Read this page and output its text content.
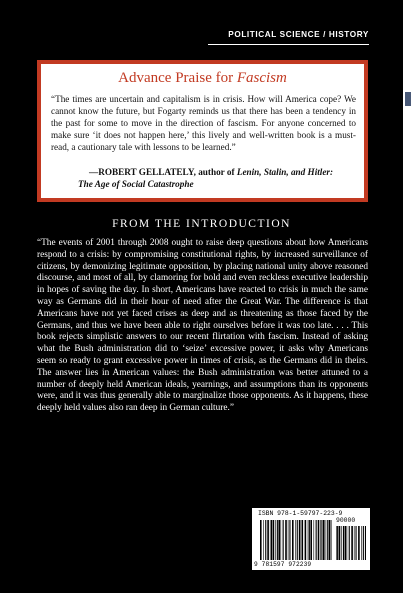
POLITICAL SCIENCE / HISTORY
Advance Praise for Fascism
“The times are uncertain and capitalism is in crisis. How will America cope? We cannot know the future, but Fogarty reminds us that there has been a tendency in the past for some to move in the direction of fascism. For anyone concerned to make sure ‘it does not happen here,’ this lively and well-written book is a must-read, a cautionary tale with lessons to be learned.”
—ROBERT GELLATELY, author of Lenin, Stalin, and Hitler:
The Age of Social Catastrophe
FROM THE INTRODUCTION
“The events of 2001 through 2008 ought to raise deep questions about how Americans respond to a crisis: by compromising constitutional rights, by increased surveillance of citizens, by demonizing legitimate opposition, by placing national unity above reasoned discourse, and most of all, by clamoring for bold and even reckless executive leadership in hopes of saving the day. In short, Americans have reacted to crisis in much the same way as Germans did in their hour of need after the Great War. The difference is that Americans have not yet faced crises as deep and as threatening as those faced by the Germans, and thus we have been able to right ourselves before it was too late. . . . This book rejects simplistic answers to our recent flirtation with fascism. Instead of asking what the Bush administration did to ‘seize’ excessive power, it asks why Americans seem so ready to grant excessive power in times of crisis, as the Germans did in theirs. The answer lies in American values: the Bush administration was better attuned to a number of deeply held American ideals, yearnings, and assumptions than its opponents were, and it was thus generally able to marginalize those opponents. As it happens, these deeply held values also ran deep in German culture.”
ISBN 978-1-59797-223-9
90000
9 781597 972239
